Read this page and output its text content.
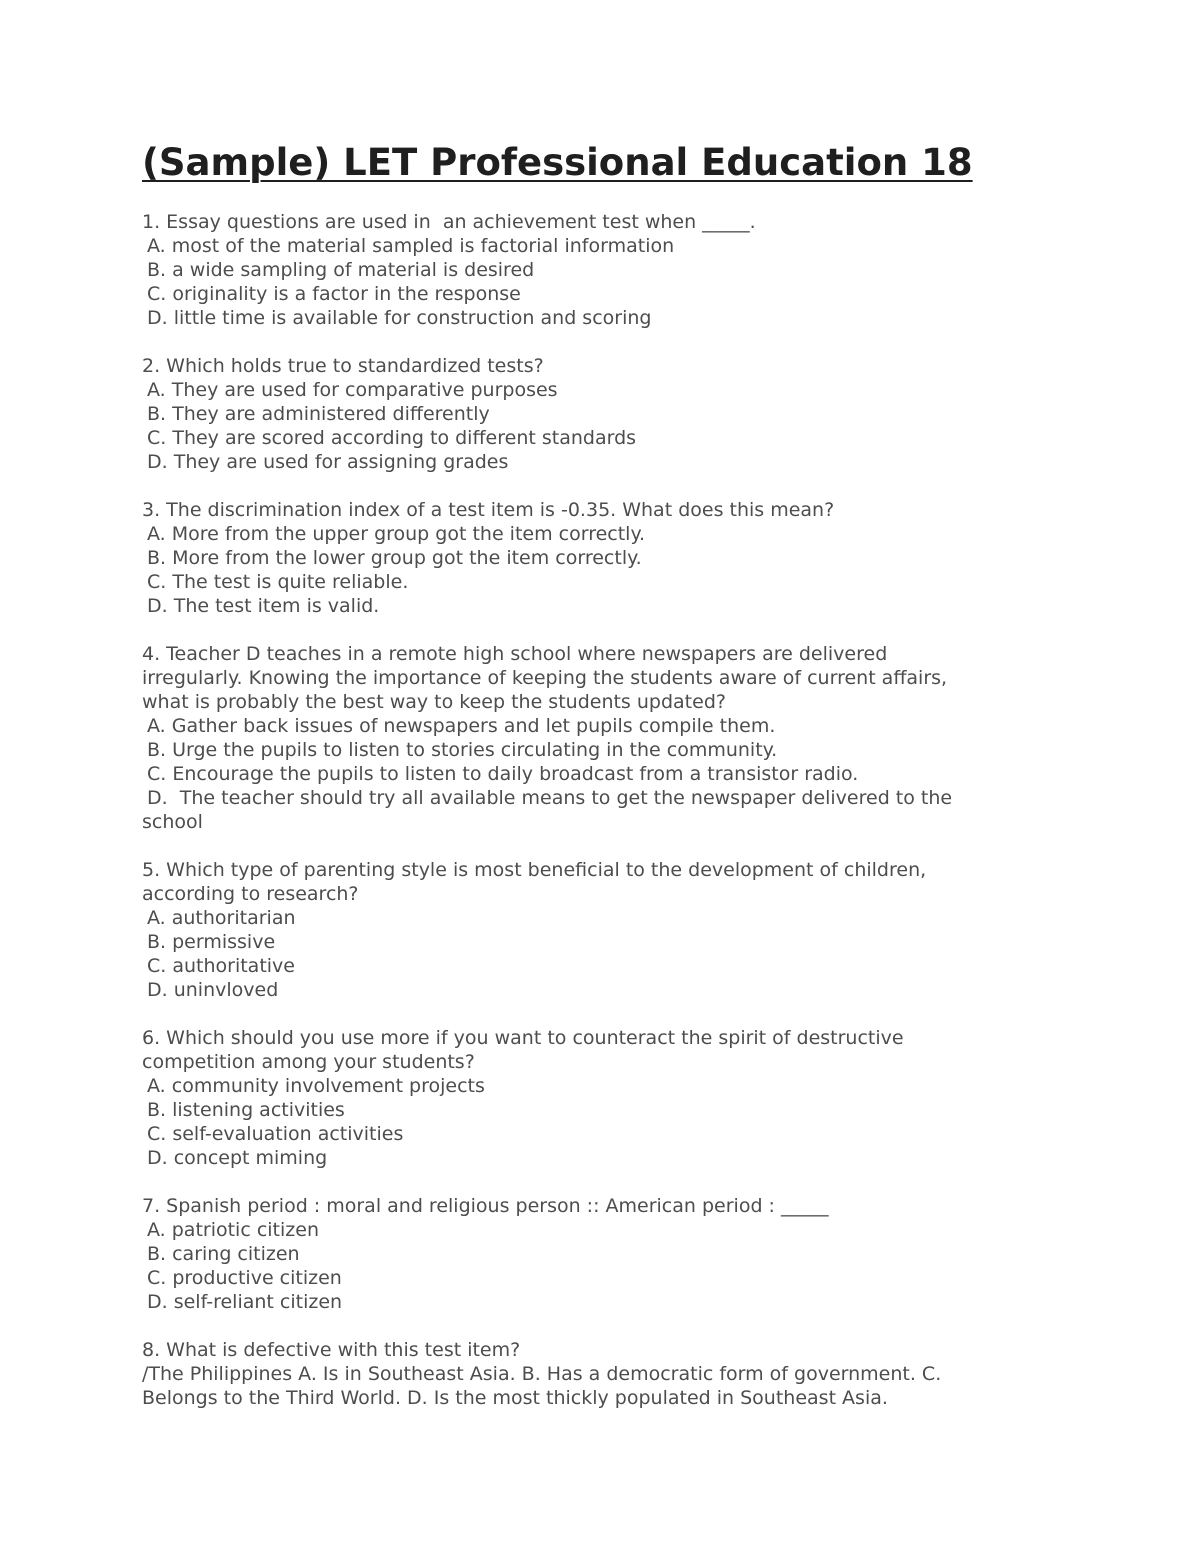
(Sample) LET Professional Education 18

1. Essay questions are used in  an achievement test when _____.

A. most of the material sampled is factorial information

B. a wide sampling of material is desired

C. originality is a factor in the response

D. little time is available for construction and scoring

2. Which holds true to standardized tests?

A. They are used for comparative purposes

B. They are administered differently

C. They are scored according to different standards

D. They are used for assigning grades

3. The discrimination index of a test item is -0.35. What does this mean?

A. More from the upper group got the item correctly.

B. More from the lower group got the item correctly.

C. The test is quite reliable.

D. The test item is valid.

4. Teacher D teaches in a remote high school where newspapers are delivered

irregularly. Knowing the importance of keeping the students aware of current affairs,

what is probably the best way to keep the students updated?

A. Gather back issues of newspapers and let pupils compile them.

B. Urge the pupils to listen to stories circulating in the community.

C. Encourage the pupils to listen to daily broadcast from a transistor radio.

D.  The teacher should try all available means to get the newspaper delivered to the

school

5. Which type of parenting style is most beneficial to the development of children,

according to research?

A. authoritarian

B. permissive

C. authoritative

D. uninvloved

6. Which should you use more if you want to counteract the spirit of destructive

competition among your students?

A. community involvement projects

B. listening activities

C. self-evaluation activities

D. concept miming

7. Spanish period : moral and religious person :: American period : _____

A. patriotic citizen

B. caring citizen

C. productive citizen

D. self-reliant citizen

8. What is defective with this test item?

/The Philippines A. Is in Southeast Asia. B. Has a democratic form of government. C.

Belongs to the Third World. D. Is the most thickly populated in Southeast Asia.
